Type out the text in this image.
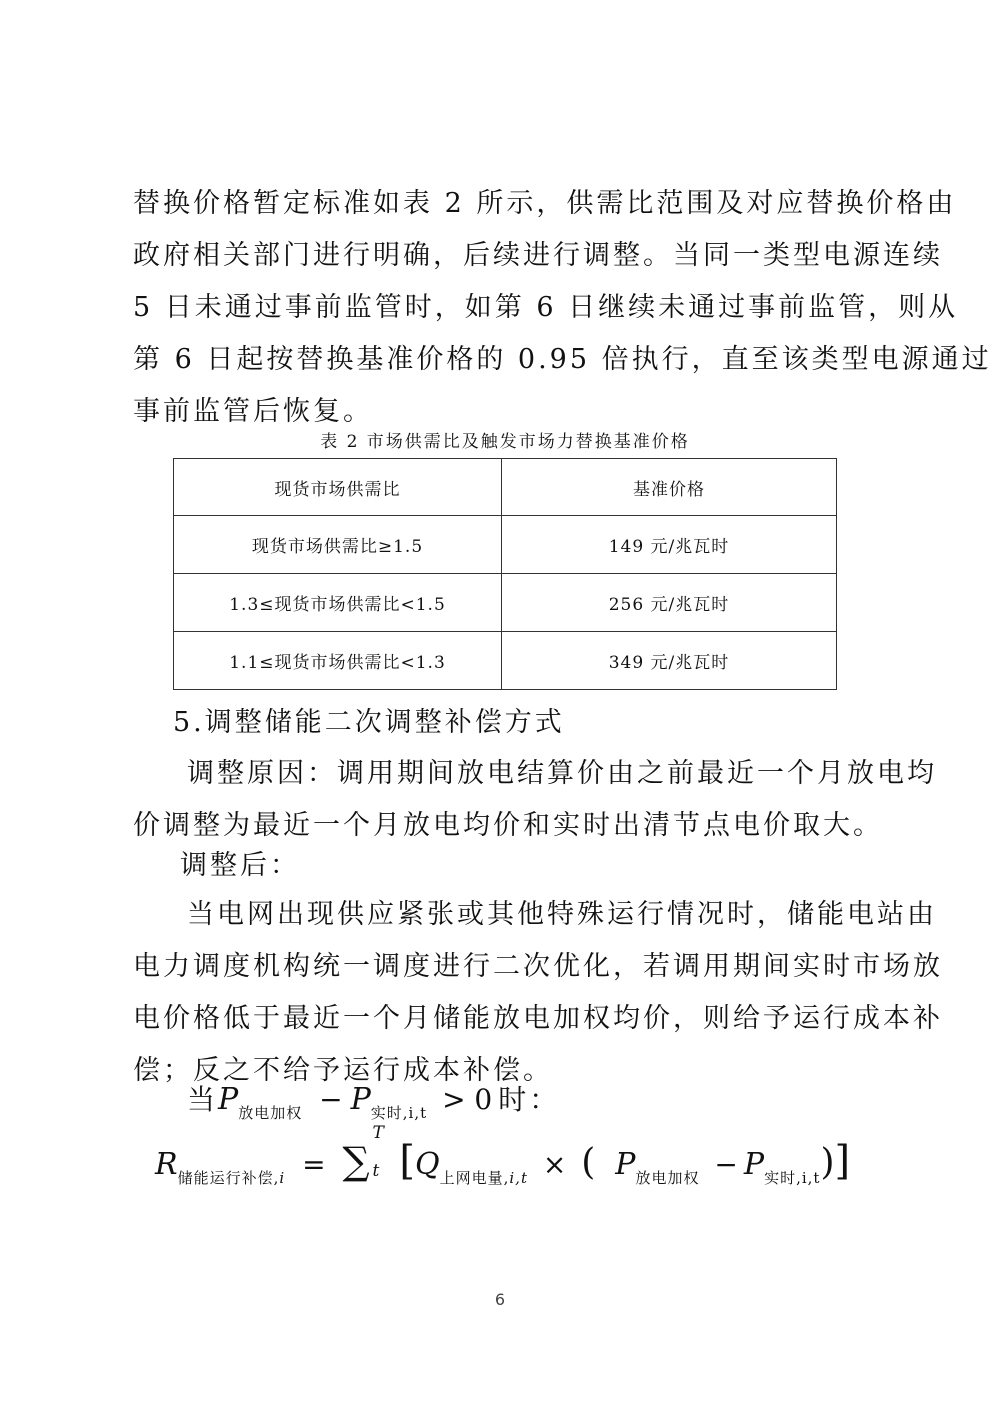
替换价格暂定标准如表 2 所示，供需比范围及对应替换价格由
政府相关部门进行明确，后续进行调整。当同一类型电源连续
5 日未通过事前监管时，如第 6 日继续未通过事前监管，则从
第 6 日起按替换基准价格的 0.95 倍执行，直至该类型电源通过
事前监管后恢复。
表 2 市场供需比及触发市场力替换基准价格
现货市场供需比	基准价格
现货市场供需比≥1.5	149 元/兆瓦时
1.3≤现货市场供需比<1.5	256 元/兆瓦时
1.1≤现货市场供需比<1.3	349 元/兆瓦时
5.调整储能二次调整补偿方式
调整原因：调用期间放电结算价由之前最近一个月放电均
价调整为最近一个月放电均价和实时出清节点电价取大。
调整后：
当电网出现供应紧张或其他特殊运行情况时，储能电站由
电力调度机构统一调度进行二次优化，若调用期间实时市场放
电价格低于最近一个月储能放电加权均价，则给予运行成本补
偿；反之不给予运行成本补偿。
当$P_{放电加权} - P_{实时,i,t} > 0$ 时：
$R_{储能运行补偿,i}$ = ∑
T
t [$Q_{上网电量,i,t}$ × ( $P_{放电加权} - P_{实时,i,t}$)]
6
